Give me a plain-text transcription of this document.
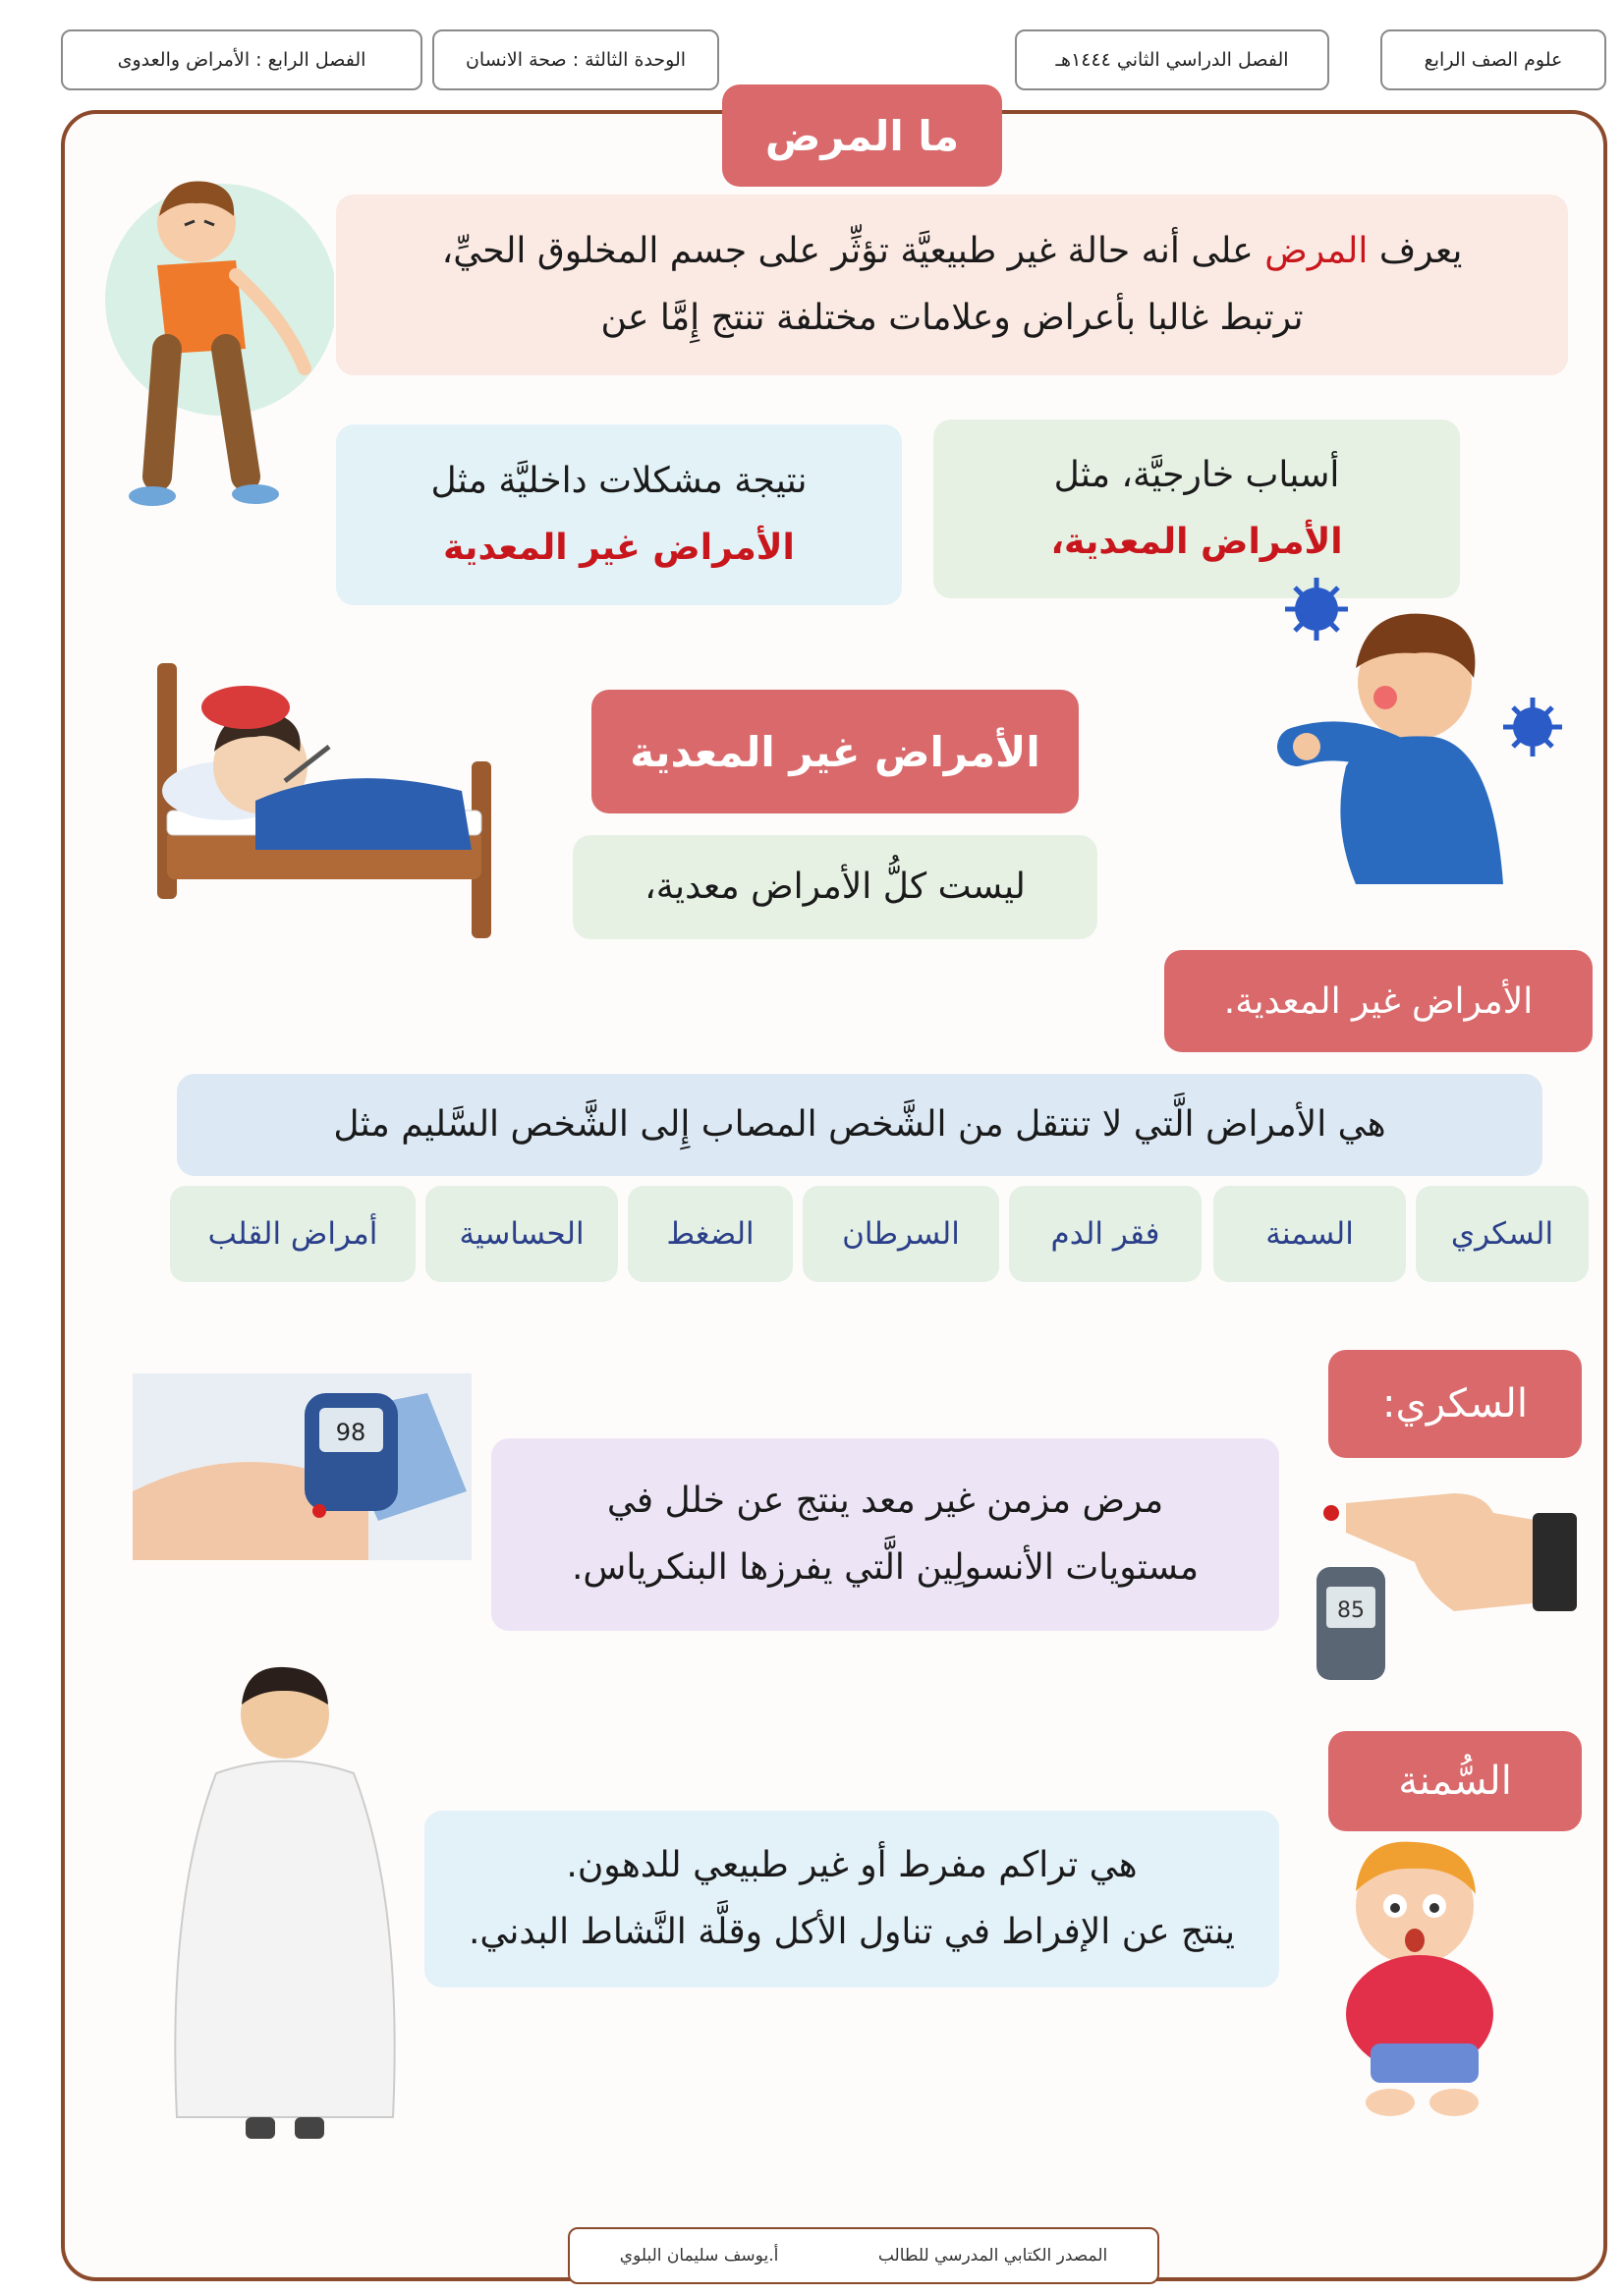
علوم الصف الرابع
الفصل الدراسي الثاني ١٤٤٤هـ
الوحدة الثالثة : صحة الانسان
الفصل الرابع : الأمراض والعدوى
ما المرض
يعرف المرض على أنه حالة غير طبيعيَّة تؤثِّر على جسم المخلوق الحيِّ،
ترتبط غالبا بأعراض وعلامات مختلفة تنتج إِمَّا عن
أسباب خارجيَّة، مثل
الأمراض المعدية،
نتيجة مشكلات داخليَّة مثل
الأمراض غير المعدية
الأمراض غير المعدية
ليست كلُّ الأمراض معدية،
الأمراض غير المعدية.
هي الأمراض الَّتي لا تنتقل من الشَّخص المصاب إِلى الشَّخص السَّليم مثل
السكري
السمنة
فقر الدم
السرطان
الضغط
الحساسية
أمراض القلب
السكري:
مرض مزمن غير معد ينتج عن خلل في
مستويات الأنسولِين الَّتي يفرزها البنكرياس.
السُّمنة
هي تراكم مفرط أو غير طبيعي للدهون.
ينتج عن الإفراط في تناول الأكل وقلَّة النَّشاط البدني.
المصدر الكتابي المدرسي للطالب
أ.يوسف سليمان البلوي
98
85
